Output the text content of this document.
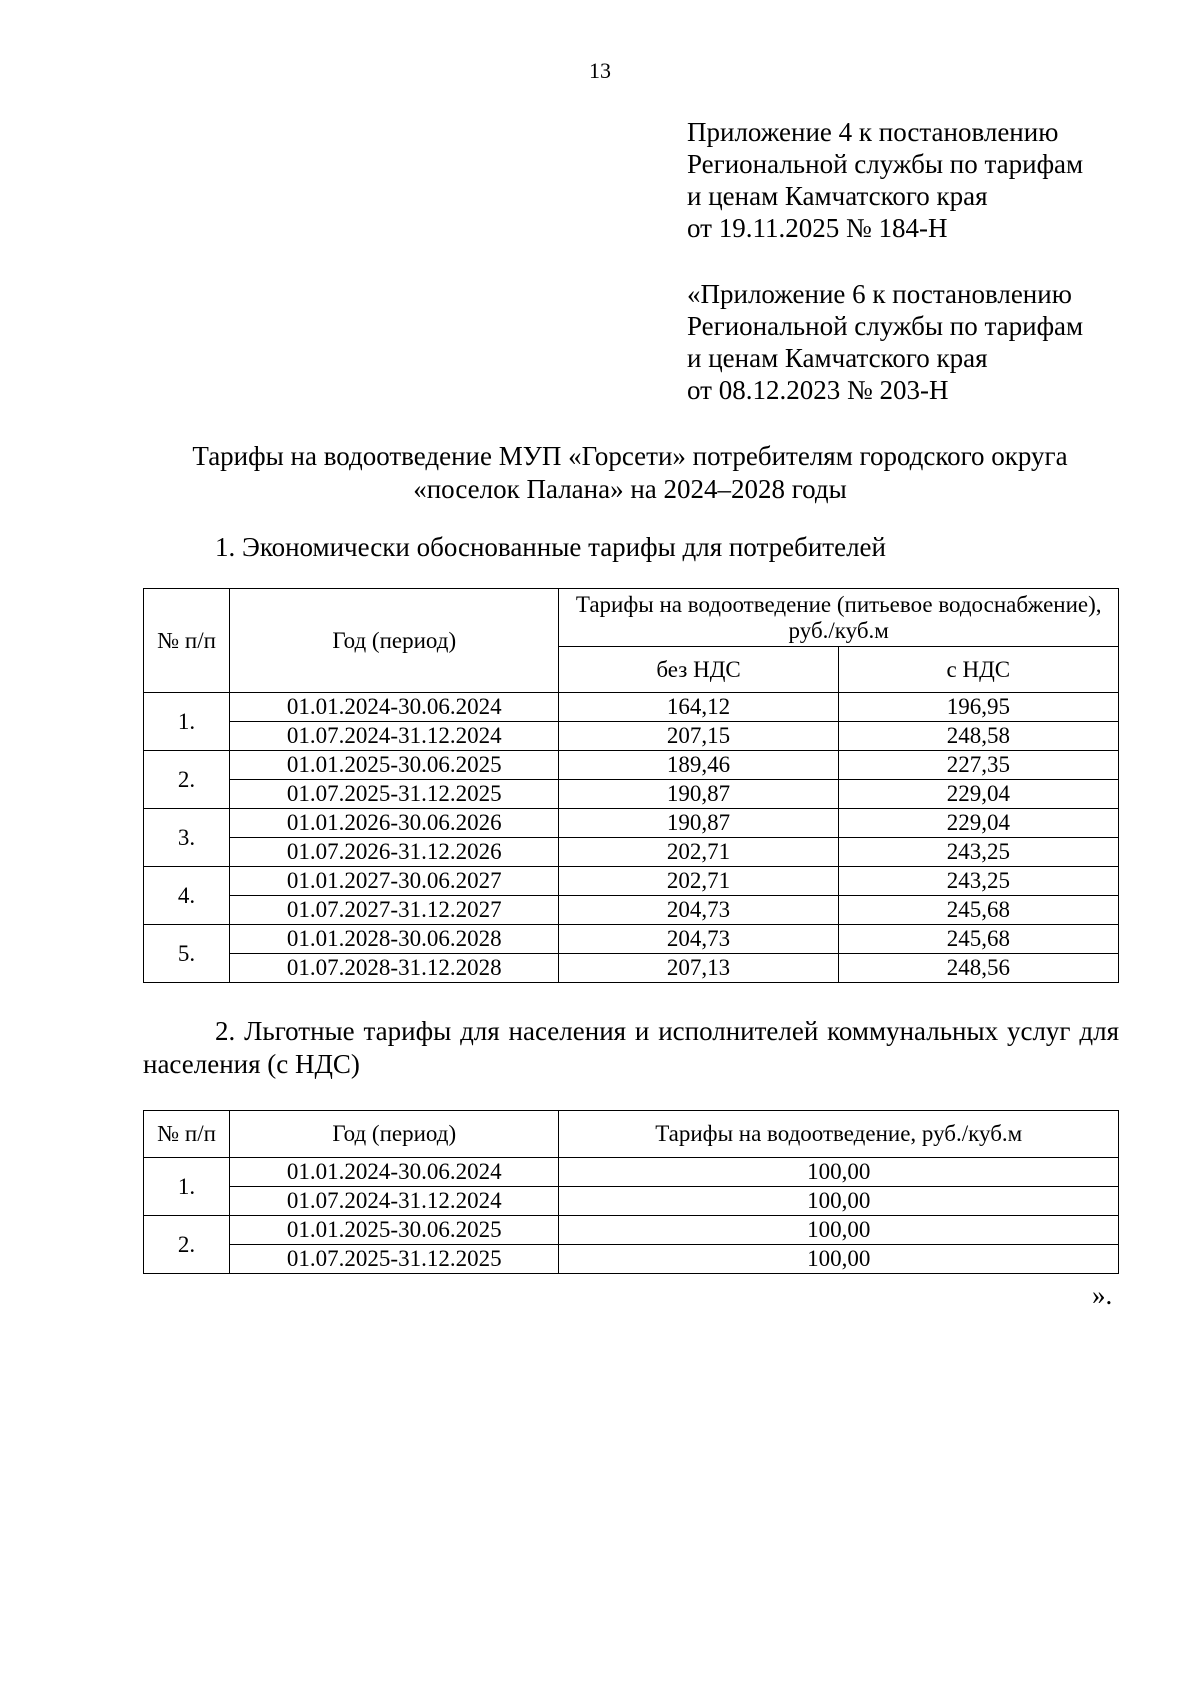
13
Приложение 4 к постановлению
Региональной службы по тарифам
и ценам Камчатского края
от 19.11.2025 № 184-Н
«Приложение 6 к постановлению
Региональной службы по тарифам
и ценам Камчатского края
от 08.12.2023 № 203-Н
Тарифы на водоотведение МУП «Горсети» потребителям городского округа
«поселок Палана» на 2024–2028 годы
1. Экономически обоснованные тарифы для потребителей
№ п/п	Год (период)	Тарифы на водоотведение (питьевое водоснабжение), руб./куб.м	
		без НДС	с НДС
1.	01.01.2024-30.06.2024	164,12	196,95
	01.07.2024-31.12.2024	207,15	248,58
2.	01.01.2025-30.06.2025	189,46	227,35
	01.07.2025-31.12.2025	190,87	229,04
3.	01.01.2026-30.06.2026	190,87	229,04
	01.07.2026-31.12.2026	202,71	243,25
4.	01.01.2027-30.06.2027	202,71	243,25
	01.07.2027-31.12.2027	204,73	245,68
5.	01.01.2028-30.06.2028	204,73	245,68
	01.07.2028-31.12.2028	207,13	248,56
2. Льготные тарифы для населения и исполнителей коммунальных услуг для населения (с НДС)
№ п/п	Год (период)	Тарифы на водоотведение, руб./куб.м
1.	01.01.2024-30.06.2024	100,00
	01.07.2024-31.12.2024	100,00
2.	01.01.2025-30.06.2025	100,00
	01.07.2025-31.12.2025	100,00
».
